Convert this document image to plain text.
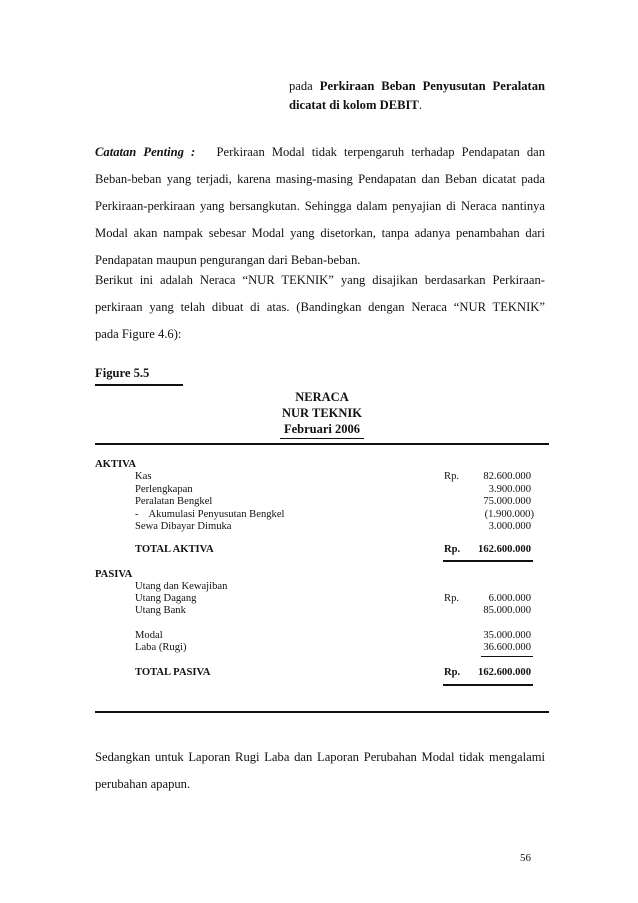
pada Perkiraan Beban Penyusutan Peralatan
dicatat di kolom DEBIT.
Catatan Penting : Perkiraan Modal tidak terpengaruh terhadap Pendapatan dan
Beban-beban yang terjadi, karena masing-masing Pendapatan dan Beban dicatat pada
Perkiraan-perkiraan yang bersangkutan. Sehingga dalam penyajian di Neraca nantinya
Modal akan nampak sebesar Modal yang disetorkan, tanpa adanya penambahan dari
Pendapatan maupun pengurangan dari Beban-beban.
Berikut ini adalah Neraca “NUR TEKNIK” yang disajikan berdasarkan Perkiraan-
perkiraan yang telah dibuat di atas. (Bandingkan dengan Neraca “NUR TEKNIK”
pada Figure 4.6):
Figure 5.5
NERACA
NUR TEKNIK
Februari 2006
AKTIVA
Kas	Rp.	82.600.000
Perlengkapan	3.900.000
Peralatan Bengkel	75.000.000
-    Akumulasi Penyusutan Bengkel	(1.900.000)
Sewa Dibayar Dimuka	3.000.000
TOTAL AKTIVA	Rp.	162.600.000
PASIVA
Utang dan Kewajiban
Utang Dagang	Rp.	6.000.000
Utang Bank	85.000.000
Modal	35.000.000
Laba (Rugi)	36.600.000
TOTAL PASIVA	Rp.	162.600.000
Sedangkan untuk Laporan Rugi Laba dan Laporan Perubahan Modal tidak mengalami
perubahan apapun.
56
